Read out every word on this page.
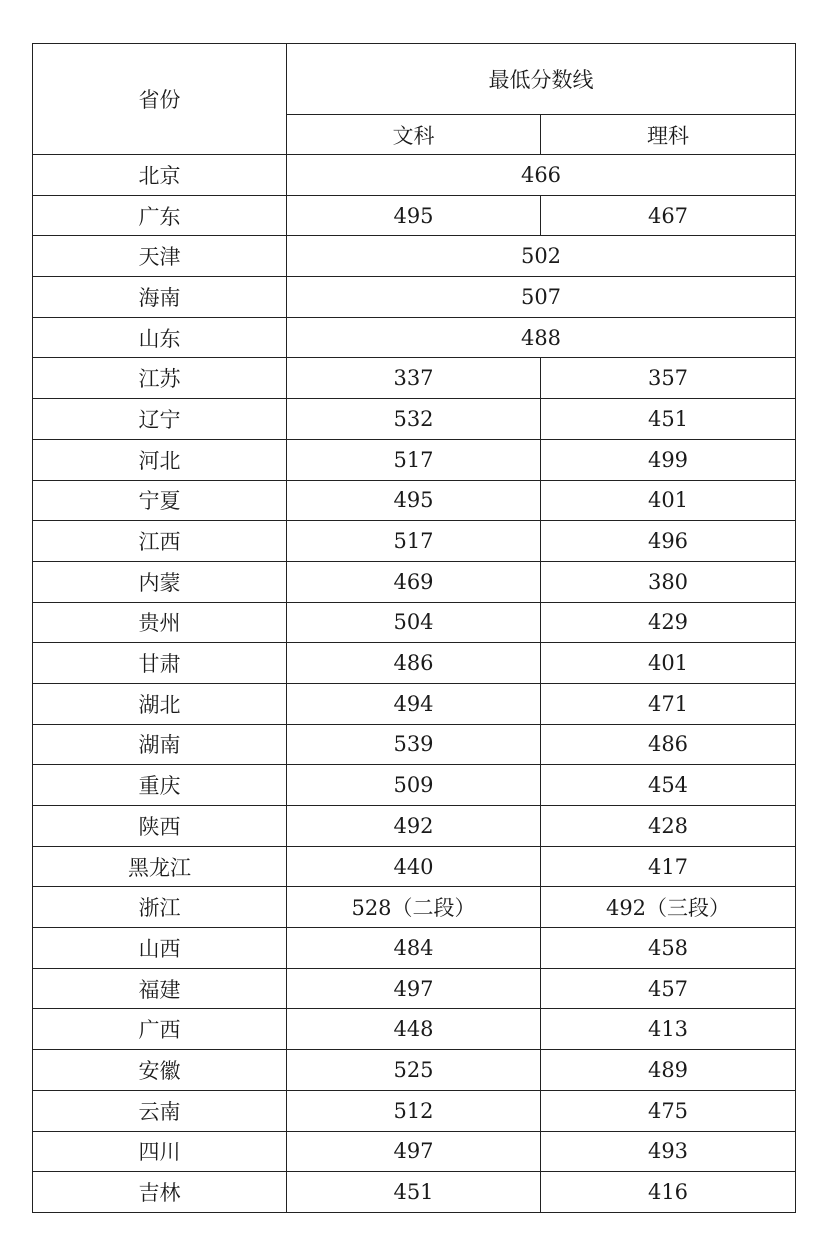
省份	最低分数线	
	文科	理科
北京	466	
广东	495	467
天津	502	
海南	507	
山东	488	
江苏	337	357
辽宁	532	451
河北	517	499
宁夏	495	401
江西	517	496
内蒙	469	380
贵州	504	429
甘肃	486	401
湖北	494	471
湖南	539	486
重庆	509	454
陕西	492	428
黑龙江	440	417
浙江	528（二段）	492（三段）
山西	484	458
福建	497	457
广西	448	413
安徽	525	489
云南	512	475
四川	497	493
吉林	451	416
